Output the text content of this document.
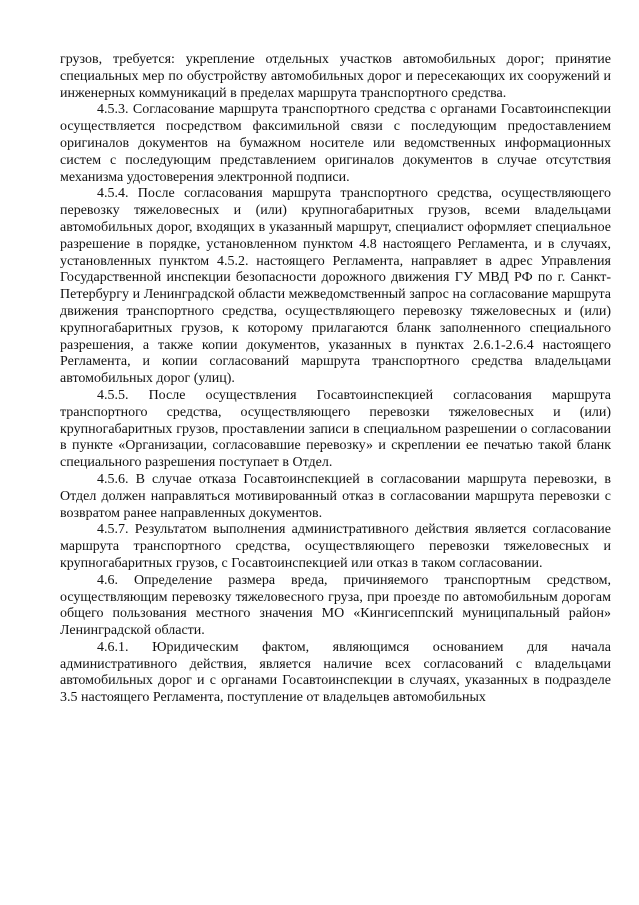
грузов, требуется: укрепление отдельных участков автомобильных дорог; принятие специальных мер по обустройству автомобильных дорог и пересекающих их сооружений и инженерных коммуникаций в пределах маршрута транспортного средства.

4.5.3. Согласование маршрута транспортного средства с органами Госавтоинспекции осуществляется посредством факсимильной связи с последующим предоставлением оригиналов документов на бумажном носителе или ведомственных информационных систем с последующим представлением оригиналов документов в случае отсутствия механизма удостоверения электронной подписи.

4.5.4. После согласования маршрута транспортного средства, осуществляющего перевозку тяжеловесных и (или) крупногабаритных грузов, всеми владельцами автомобильных дорог, входящих в указанный маршрут, специалист оформляет специальное разрешение в порядке, установленном пунктом 4.8 настоящего Регламента, и в случаях, установленных пунктом 4.5.2. настоящего Регламента, направляет в адрес Управления Государственной инспекции безопасности дорожного движения ГУ МВД РФ по г. Санкт-Петербургу и Ленинградской области межведомственный запрос на согласование маршрута движения транспортного средства, осуществляющего перевозку тяжеловесных и (или) крупногабаритных грузов, к которому прилагаются бланк заполненного специального разрешения, а также копии документов, указанных в пунктах 2.6.1-2.6.4 настоящего Регламента, и копии согласований маршрута транспортного средства владельцами автомобильных дорог (улиц).

4.5.5. После осуществления Госавтоинспекцией согласования маршрута транспортного средства, осуществляющего перевозки тяжеловесных и (или) крупногабаритных грузов, проставлении записи в специальном разрешении о согласовании в пункте «Организации, согласовавшие перевозку» и скреплении ее печатью такой бланк специального разрешения поступает в Отдел.

4.5.6. В случае отказа Госавтоинспекцией в согласовании маршрута перевозки, в Отдел должен направляться мотивированный отказ в согласовании маршрута перевозки с возвратом ранее направленных документов.

4.5.7. Результатом выполнения административного действия является согласование маршрута транспортного средства, осуществляющего перевозки тяжеловесных и крупногабаритных грузов, с Госавтоинспекцией или отказ в таком согласовании.

4.6. Определение размера вреда, причиняемого транспортным средством, осуществляющим перевозку тяжеловесного груза, при проезде по автомобильным дорогам общего пользования местного значения МО «Кингисеппский муниципальный район» Ленинградской области.

4.6.1. Юридическим фактом, являющимся основанием для начала административного действия, является наличие всех согласований с владельцами автомобильных дорог и с органами Госавтоинспекции в случаях, указанных в подразделе 3.5 настоящего Регламента, поступление от владельцев автомобильных
